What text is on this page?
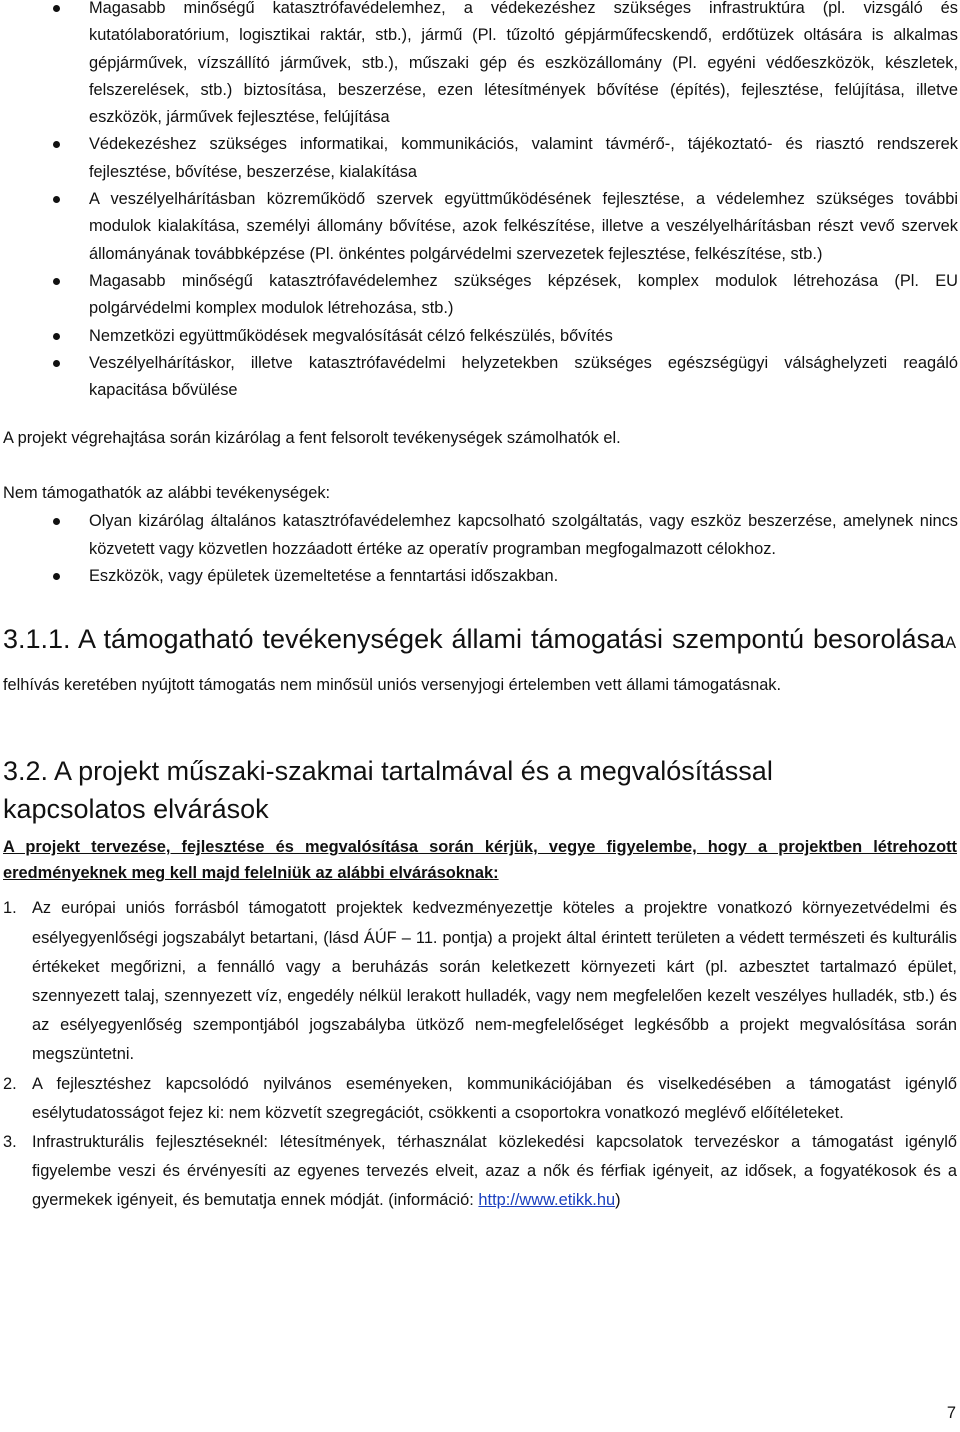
Magasabb minőségű katasztrófavédelemhez, a védekezéshez szükséges infrastruktúra (pl. vizsgáló és kutatólaboratórium, logisztikai raktár, stb.), jármű (Pl. tűzoltó gépjárműfecskendő, erdőtüzek oltására is alkalmas gépjárművek, vízszállító járművek, stb.), műszaki gép és eszközállomány (Pl. egyéni védőeszközök, készletek, felszerelések, stb.) biztosítása, beszerzése, ezen létesítmények bővítése (építés), fejlesztése, felújítása, illetve eszközök, járművek fejlesztése, felújítása
Védekezéshez szükséges informatikai, kommunikációs, valamint távmérő-, tájékoztató- és riasztó rendszerek fejlesztése, bővítése, beszerzése, kialakítása
A veszélyelhárításban közreműködő szervek együttműködésének fejlesztése, a védelemhez szükséges további modulok kialakítása, személyi állomány bővítése, azok felkészítése, illetve a veszélyelhárításban részt vevő szervek állományának továbbképzése (Pl. önkéntes polgárvédelmi szervezetek fejlesztése, felkészítése, stb.)
Magasabb minőségű katasztrófavédelemhez szükséges képzések, komplex modulok létrehozása (Pl. EU polgárvédelmi komplex modulok létrehozása, stb.)
Nemzetközi együttműködések megvalósítását célzó felkészülés, bővítés
Veszélyelhárításkor, illetve katasztrófavédelmi helyzetekben szükséges egészségügyi válsághelyzeti reagáló kapacitása bővülése

A projekt végrehajtása során kizárólag a fent felsorolt tevékenységek számolhatók el.

Nem támogathatók az alábbi tevékenységek:

Olyan kizárólag általános katasztrófavédelemhez kapcsolható szolgáltatás, vagy eszköz beszerzése, amelynek nincs közvetett vagy közvetlen hozzáadott értéke az operatív programban megfogalmazott célokhoz.
Eszközök, vagy épületek üzemeltetése a fenntartási időszakban.

3.1.1. A támogatható tevékenységek állami támogatási szempontú besorolásaA felhívás keretében nyújtott támogatás nem minősül uniós versenyjogi értelemben vett állami támogatásnak.

3.2. A projekt műszaki-szakmai tartalmával és a megvalósítással
kapcsolatos elvárások

A projekt tervezése, fejlesztése és megvalósítása során kérjük, vegye figyelembe, hogy a projektben létrehozott eredményeknek meg kell majd felelniük az alábbi elvárásoknak:

1. Az európai uniós forrásból támogatott projektek kedvezményezettje köteles a projektre vonatkozó környezetvédelmi és esélyegyenlőségi jogszabályt betartani, (lásd ÁÚF – 11. pontja) a projekt által érintett területen a védett természeti és kulturális értékeket megőrizni, a fennálló vagy a beruházás során keletkezett környezeti kárt (pl. azbesztet tartalmazó épület, szennyezett talaj, szennyezett víz, engedély nélkül lerakott hulladék, vagy nem megfelelően kezelt veszélyes hulladék, stb.) és az esélyegyenlőség szempontjából jogszabályba ütköző nem-megfelelőséget legkésőbb a projekt megvalósítása során megszüntetni.
2. A fejlesztéshez kapcsolódó nyilvános eseményeken, kommunikációjában és viselkedésében a támogatást igénylő esélytudatosságot fejez ki: nem közvetít szegregációt, csökkenti a csoportokra vonatkozó meglévő előítéleteket.
3. Infrastrukturális fejlesztéseknél: létesítmények, térhasználat közlekedési kapcsolatok tervezéskor a támogatást igénylő figyelembe veszi és érvényesíti az egyenes tervezés elveit, azaz a nők és férfiak igényeit, az idősek, a fogyatékosok és a gyermekek igényeit, és bemutatja ennek módját. (információ: http://www.etikk.hu)
7
